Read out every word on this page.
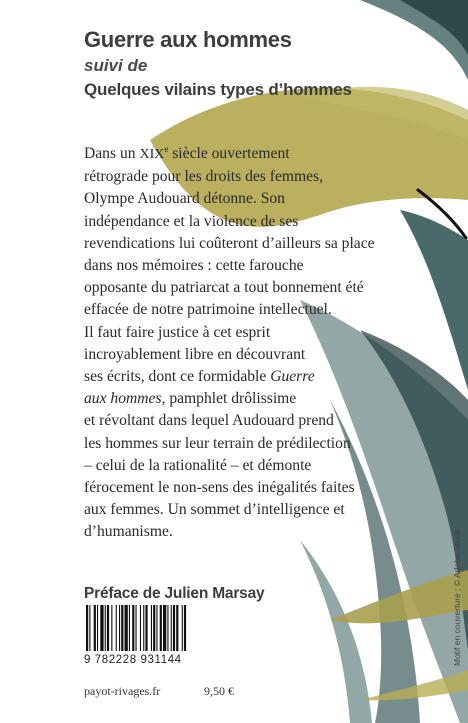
Guerre aux hommes
suivi de
Quelques vilains types d’hommes
Dans un XIXe siècle ouvertement
rétrograde pour les droits des femmes,
Olympe Audouard détonne. Son
indépendance et la violence de ses
revendications lui coûteront d’ailleurs sa place
dans nos mémoires : cette farouche
opposante du patriarcat a tout bonnement été
effacée de notre patrimoine intellectuel.
Il faut faire justice à cet esprit
incroyablement libre en découvrant
ses écrits, dont ce formidable Guerre
aux hommes, pamphlet drôlissime
et révoltant dans lequel Audouard prend
les hommes sur leur terrain de prédilection
– celui de la rationalité – et démonte
férocement le non-sens des inégalités faites
aux femmes. Un sommet d’intelligence et
d’humanisme.
Préface de Julien Marsay
9 782228 931144
payot-rivages.fr	9,50 €
Motif en couverture : © Adobe Stock
